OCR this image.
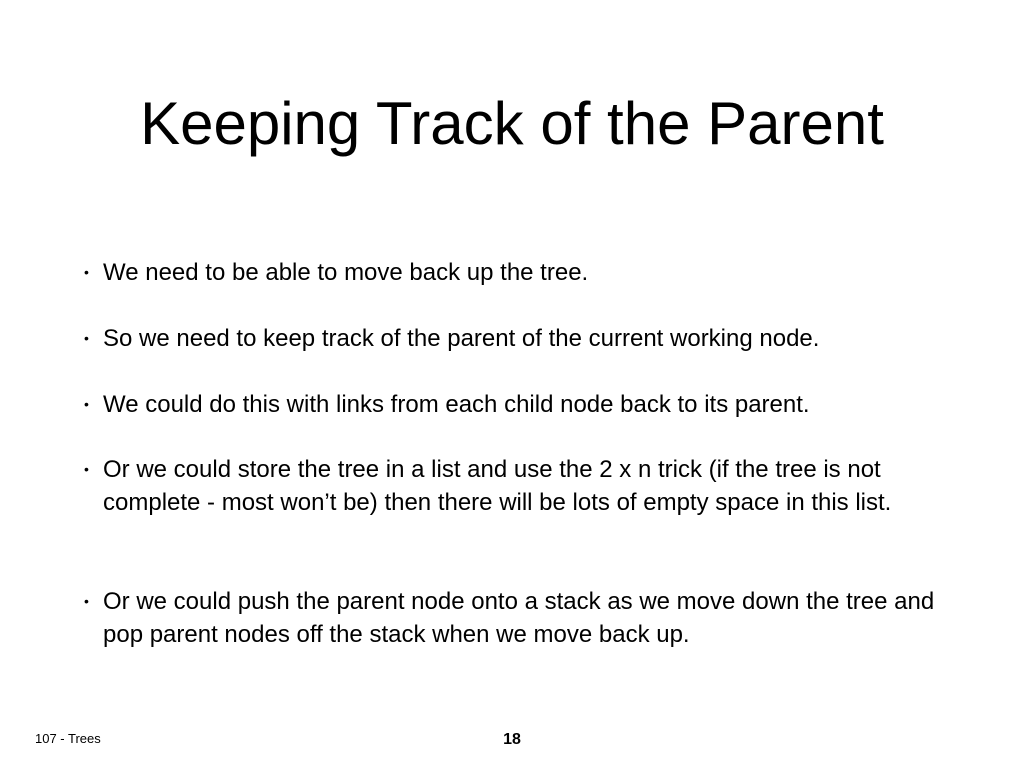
Keeping Track of the Parent
• We need to be able to move back up the tree.
• So we need to keep track of the parent of the current working node.
• We could do this with links from each child node back to its parent.
• Or we could store the tree in a list and use the 2 x n trick (if the tree is not complete - most won’t be) then there will be lots of empty space in this list.
• Or we could push the parent node onto a stack as we move down the tree and pop parent nodes off the stack when we move back up.
107 - Trees	18
